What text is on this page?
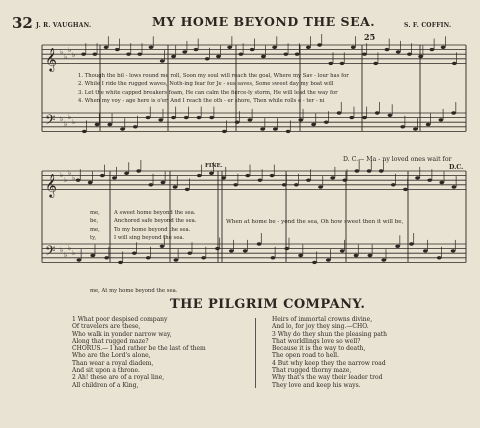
32 J. R. VAUGHAN.	MY HOME BEYOND THE SEA.	S. F. COFFIN.
𝄞
𝄢
𝄞
𝄢
♭
♭
♭
♭
♭
♭
♭
♭
♭
♭
♭
♭
♭
♭
♭
♭
1. Though the bil - lows round me roll, Soon my soul will reach the goal, Where my Sav - lour has for
2. While I ride the rugged waves, Noth-ing fear for Je - sus saves, Some sweet day my boat will
3. Let the white capped breakers foam, He can calm the fierce-ly storm, He will lead the way for
4. When my voy - age here is o'er, And I reach the oth - er shore, Then while rolls e - ter - ni
25
D. C.— Ma - ny loved ones wait for
FINE.	D.C.
me,
be,
me,
ty,
A sweet home beyond the sea.
Anchored safe beyond the sea.
To my home beyond the sea.
I will sing beyond the sea.
When at home be - yond the sea, Oh how sweet then it will be,
me, At my home beyond the sea.
THE PILGRIM COMPANY.
1 What poor despised company
Of travelers are these,
Who walk in yonder narrow way,
Along that rugged maze?
CHORUS.— I had rather be the last of them
Who are the Lord's alone,
Than wear a royal diadem,
And sit upon a throne.
2 Ah! these are of a royal line,
All children of a King,
Heirs of immortal crowns divine,
And lo, for joy they sing.—CHO.
3 Why do they shun the pleasing path
That worldlings love so well?
Because it is the way to death,
The open road to hell.
4 But why keep they the narrow road
That rugged thorny maze,
Why that's the way their leader trod
They love and keep his ways.
